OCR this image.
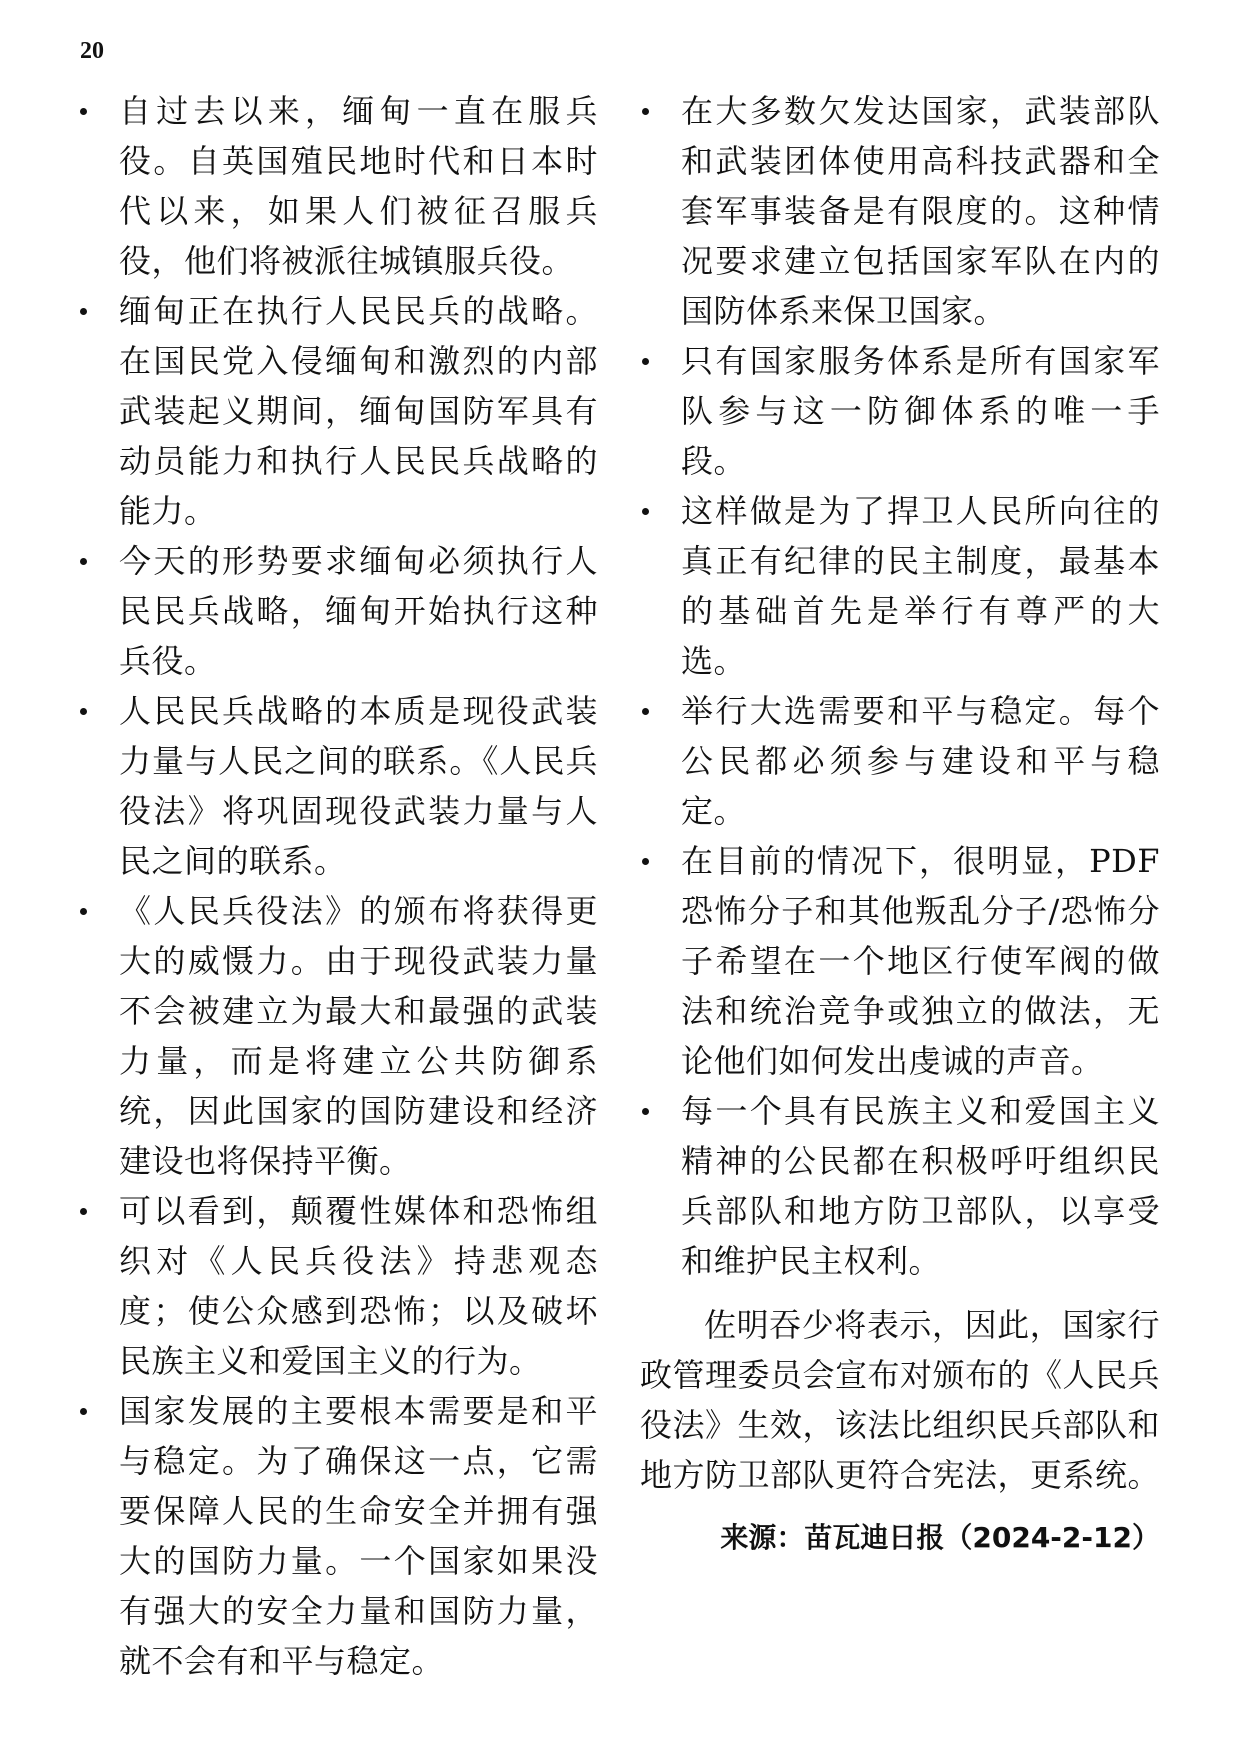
20
自过去以来，缅甸一直在服兵役。自英国殖民地时代和日本时代以来，如果人们被征召服兵役，他们将被派往城镇服兵役。
缅甸正在执行人民民兵的战略。在国民党入侵缅甸和激烈的内部武装起义期间，缅甸国防军具有动员能力和执行人民民兵战略的能力。
今天的形势要求缅甸必须执行人民民兵战略，缅甸开始执行这种兵役。
人民民兵战略的本质是现役武装力量与人民之间的联系。《人民兵役法》将巩固现役武装力量与人民之间的联系。
《人民兵役法》的颁布将获得更大的威慑力。由于现役武装力量不会被建立为最大和最强的武装力量，而是将建立公共防御系统，因此国家的国防建设和经济建设也将保持平衡。
可以看到，颠覆性媒体和恐怖组织对《人民兵役法》持悲观态度；使公众感到恐怖；以及破坏民族主义和爱国主义的行为。
国家发展的主要根本需要是和平与稳定。为了确保这一点，它需要保障人民的生命安全并拥有强大的国防力量。一个国家如果没有强大的安全力量和国防力量，就不会有和平与稳定。
在大多数欠发达国家，武装部队和武装团体使用高科技武器和全套军事装备是有限度的。这种情况要求建立包括国家军队在内的国防体系来保卫国家。
只有国家服务体系是所有国家军队参与这一防御体系的唯一手段。
这样做是为了捍卫人民所向往的真正有纪律的民主制度，最基本的基础首先是举行有尊严的大选。
举行大选需要和平与稳定。每个公民都必须参与建设和平与稳定。
在目前的情况下，很明显，PDF恐怖分子和其他叛乱分子/恐怖分子希望在一个地区行使军阀的做法和统治竞争或独立的做法，无论他们如何发出虔诚的声音。
每一个具有民族主义和爱国主义精神的公民都在积极呼吁组织民兵部队和地方防卫部队，以享受和维护民主权利。

佐明吞少将表示，因此，国家行政管理委员会宣布对颁布的《人民兵役法》生效，该法比组织民兵部队和地方防卫部队更符合宪法，更系统。

来源：苗瓦迪日报（2024-2-12）
